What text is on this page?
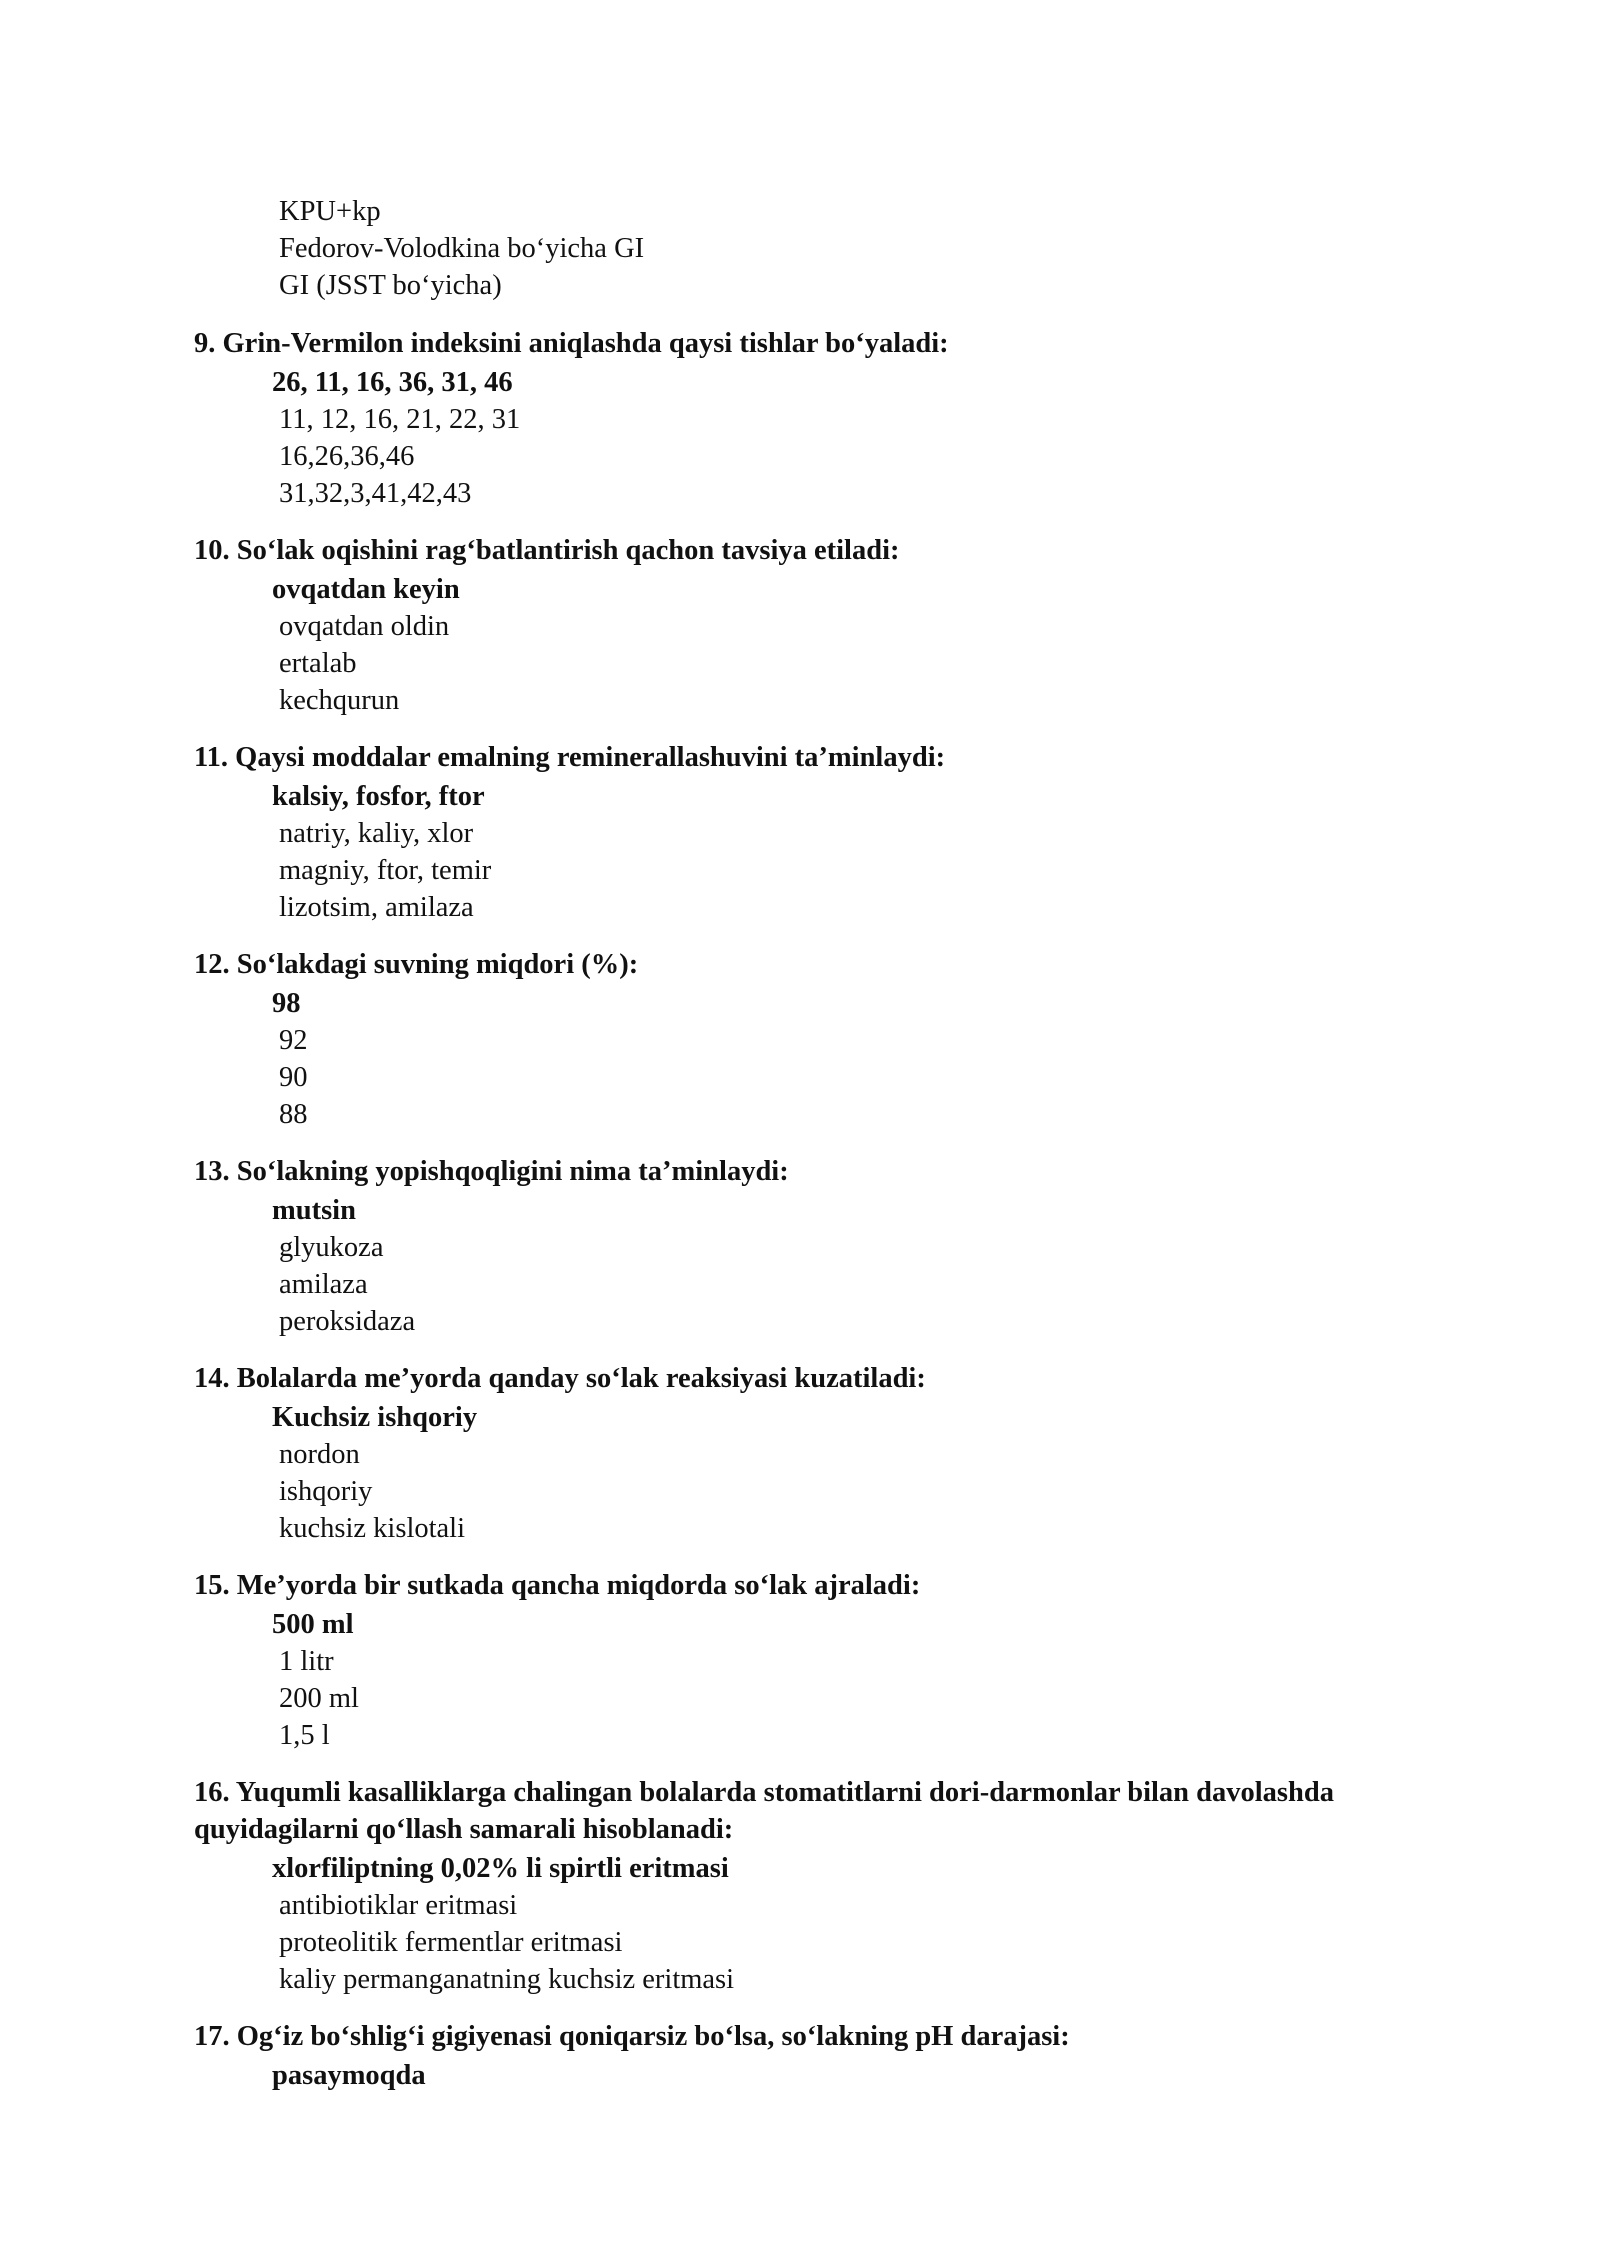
KPU+kp
Fedorov-Volodkina bo‘yicha GI
GI (JSST bo‘yicha)
9. Grin-Vermilon indeksini aniqlashda qaysi tishlar bo‘yaladi:
26, 11, 16, 36, 31, 46
11, 12, 16, 21, 22, 31
16,26,36,46
31,32,3,41,42,43
10. So‘lak oqishini rag‘batlantirish qachon tavsiya etiladi:
ovqatdan keyin
ovqatdan oldin
ertalab
kechqurun
11. Qaysi moddalar emalning reminerallashuvini ta’minlaydi:
kalsiy, fosfor, ftor
natriy, kaliy, xlor
magniy, ftor, temir
lizotsim, amilaza
12. So‘lakdagi suvning miqdori (%):
98
92
90
88
13. So‘lakning yopishqoqligini nima ta’minlaydi:
mutsin
glyukoza
amilaza
peroksidaza
14. Bolalarda me’yorda qanday so‘lak reaksiyasi kuzatiladi:
Kuchsiz ishqoriy
nordon
ishqoriy
kuchsiz kislotali
15. Me’yorda bir sutkada qancha miqdorda so‘lak ajraladi:
500 ml
1 litr
200 ml
1,5 l
16. Yuqumli kasalliklarga chalingan bolalarda stomatitlarni dori-darmonlar bilan davolashda
quyidagilarni qo‘llash samarali hisoblanadi:
xlorfiliptning 0,02% li spirtli eritmasi
antibiotiklar eritmasi
proteolitik fermentlar eritmasi
kaliy permanganatning kuchsiz eritmasi
17. Og‘iz bo‘shlig‘i gigiyenasi qoniqarsiz bo‘lsa, so‘lakning pH darajasi:
pasaymoqda
